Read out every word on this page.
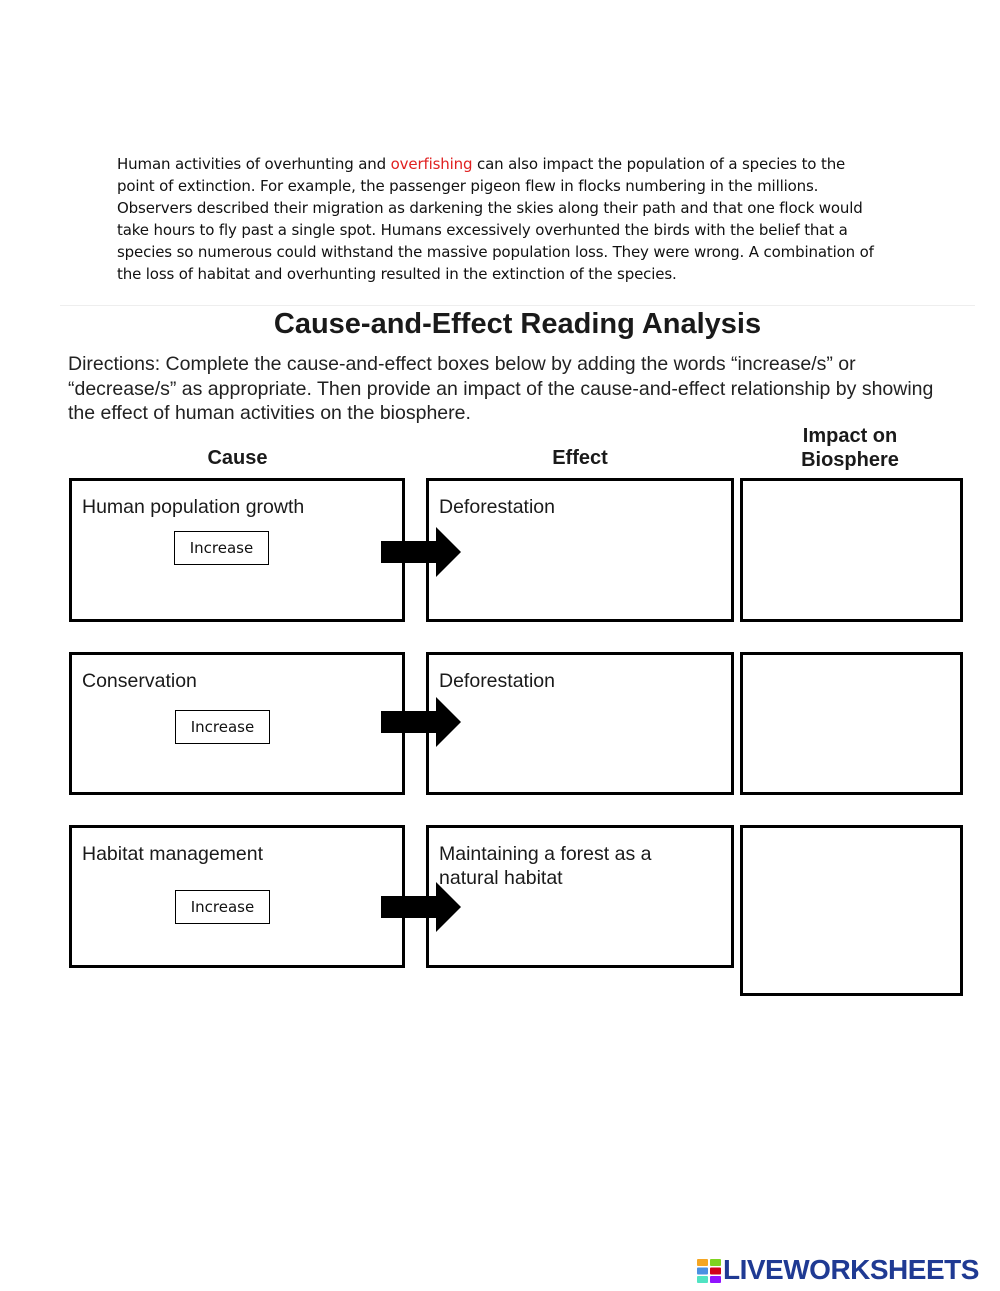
Human activities of overhunting and overfishing can also impact the population of a species to the point of extinction. For example, the passenger pigeon flew in flocks numbering in the millions. Observers described their migration as darkening the skies along their path and that one flock would take hours to fly past a single spot. Humans excessively overhunted the birds with the belief that a species so numerous could withstand the massive population loss. They were wrong. A combination of the loss of habitat and overhunting resulted in the extinction of the species.
Cause-and-Effect Reading Analysis
Directions: Complete the cause-and-effect boxes below by adding the words “increase/s” or “decrease/s” as appropriate. Then provide an impact of the cause-and-effect relationship by showing the effect of human activities on the biosphere.
Cause	Effect
Impact on Biosphere
Human population growth
Increase
Deforestation
Conservation
Increase
Deforestation
Habitat management
Increase
Maintaining a forest as a natural habitat
LIVEWORKSHEETS
